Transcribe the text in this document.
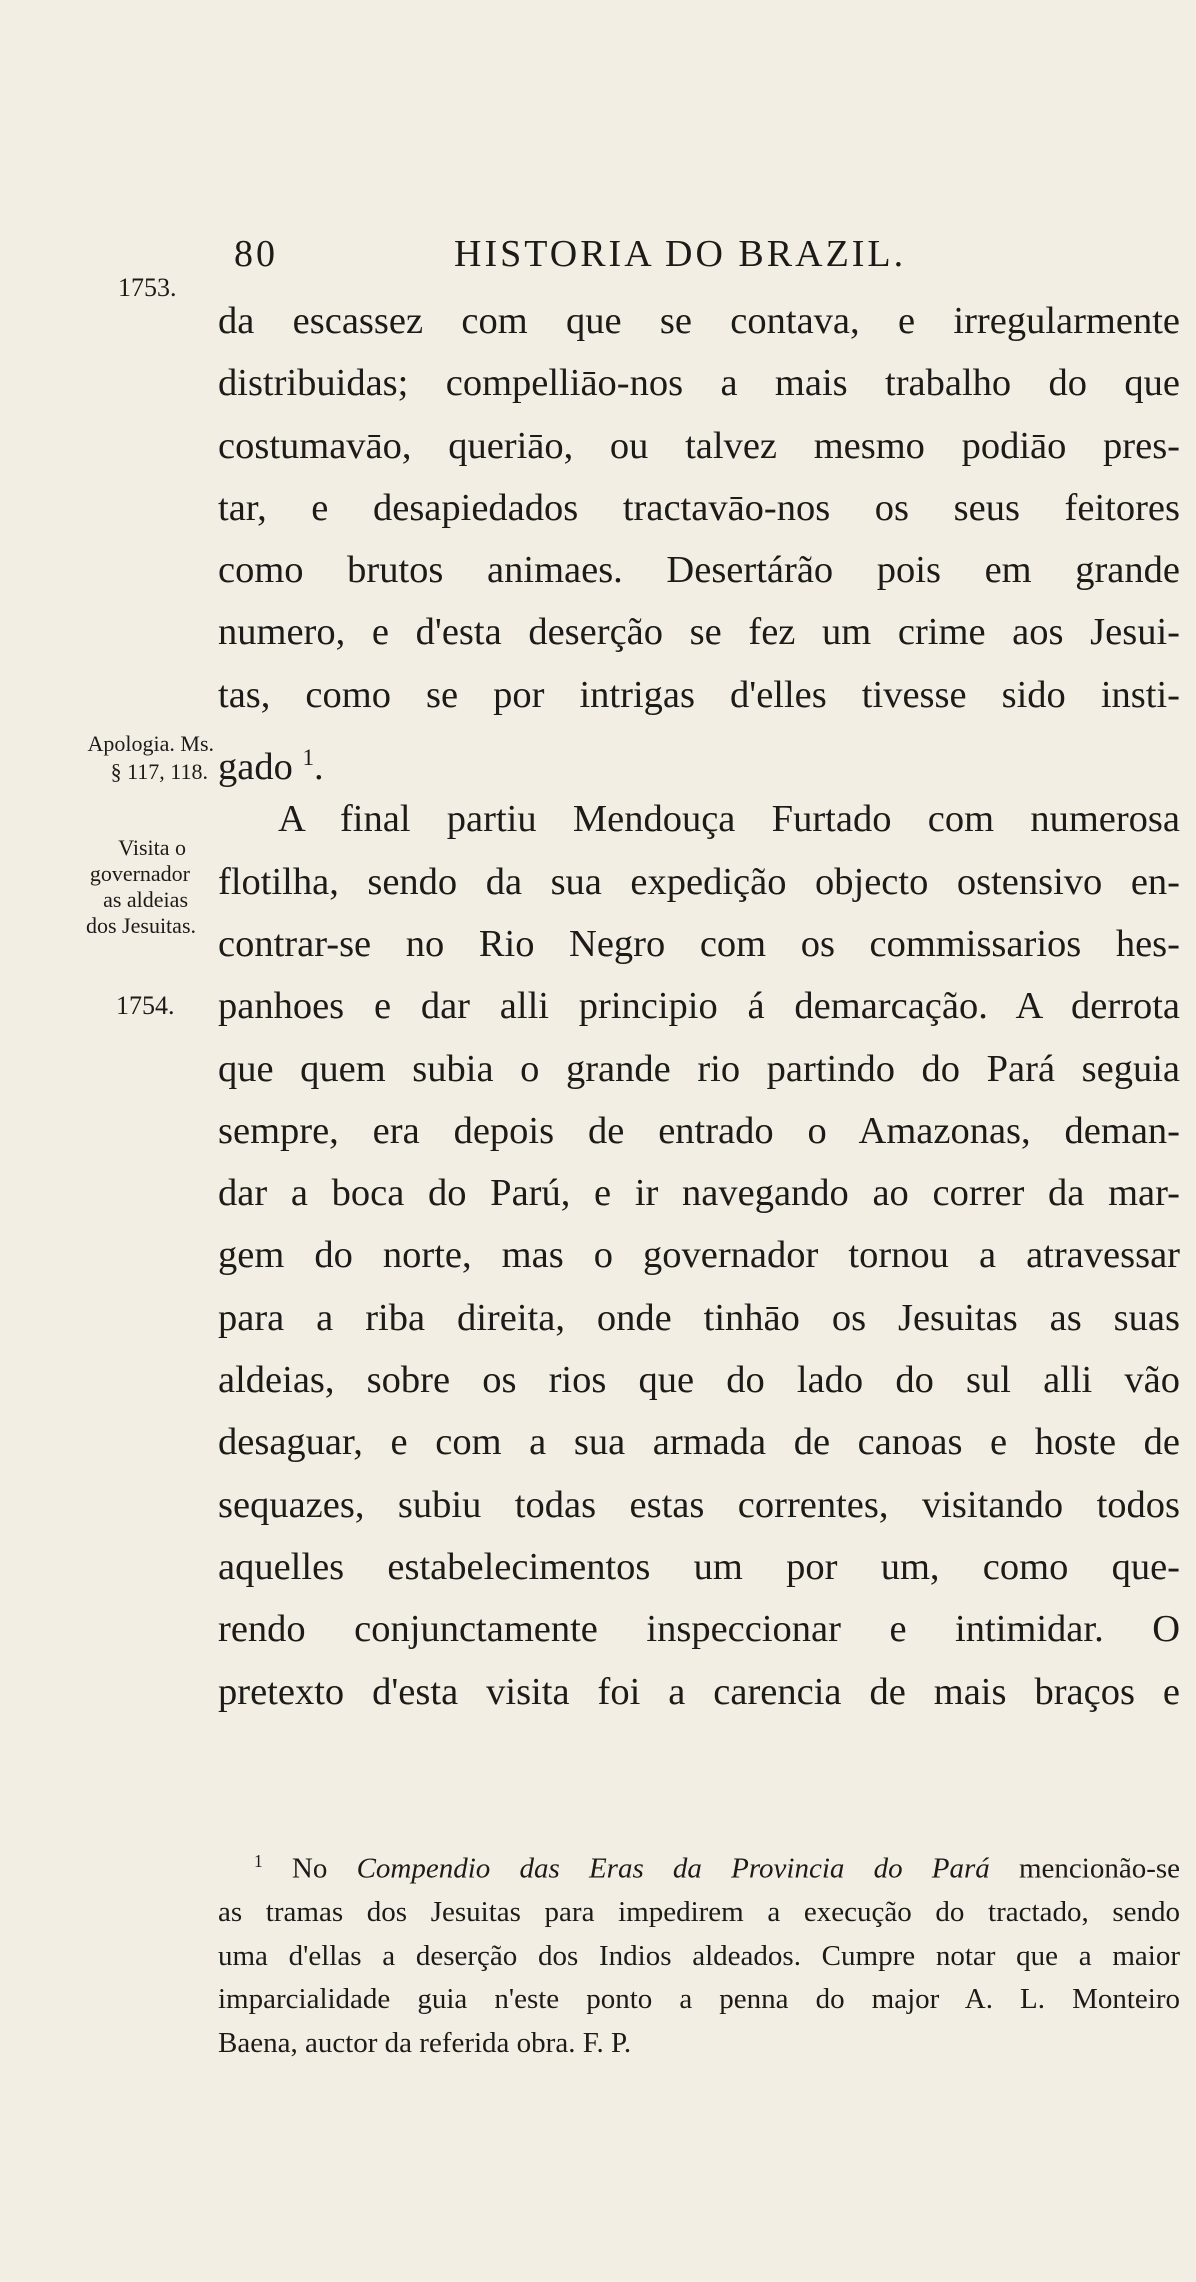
80	HISTORIA DO BRAZIL.
1753.
Apologia. Ms.
§ 117, 118.
Visita o
governador
as aldeias
dos Jesuitas.
1754.
da escassez com que se contava, e irregularmente
distribuidas; compelliāo-nos a mais trabalho do que
costumavāo, queriāo, ou talvez mesmo podiāo pres-
tar, e desapiedados tractavāo-nos os seus feitores
como brutos animaes. Desertárão pois em grande
numero, e d'esta deserção se fez um crime aos Jesui-
tas, como se por intrigas d'elles tivesse sido insti-
gado $^1$.
A final partiu Mendouça Furtado com numerosa
flotilha, sendo da sua expedição objecto ostensivo en-
contrar-se no Rio Negro com os commissarios hes-
panhoes e dar alli principio á demarcação. A derrota
que quem subia o grande rio partindo do Pará seguia
sempre, era depois de entrado o Amazonas, deman-
dar a boca do Parú, e ir navegando ao correr da mar-
gem do norte, mas o governador tornou a atravessar
para a riba direita, onde tinhāo os Jesuitas as suas
aldeias, sobre os rios que do lado do sul alli vão
desaguar, e com a sua armada de canoas e hoste de
sequazes, subiu todas estas correntes, visitando todos
aquelles estabelecimentos um por um, como que-
rendo conjunctamente inspeccionar e intimidar. O
pretexto d'esta visita foi a carencia de mais braços e
$^1$ No Compendio das Eras da Provincia do Pará mencionão-se
as tramas dos Jesuitas para impedirem a execução do tractado, sendo
uma d'ellas a deserção dos Indios aldeados. Cumpre notar que a maior
imparcialidade guia n'este ponto a penna do major A. L. Monteiro
Baena, auctor da referida obra. F. P.
